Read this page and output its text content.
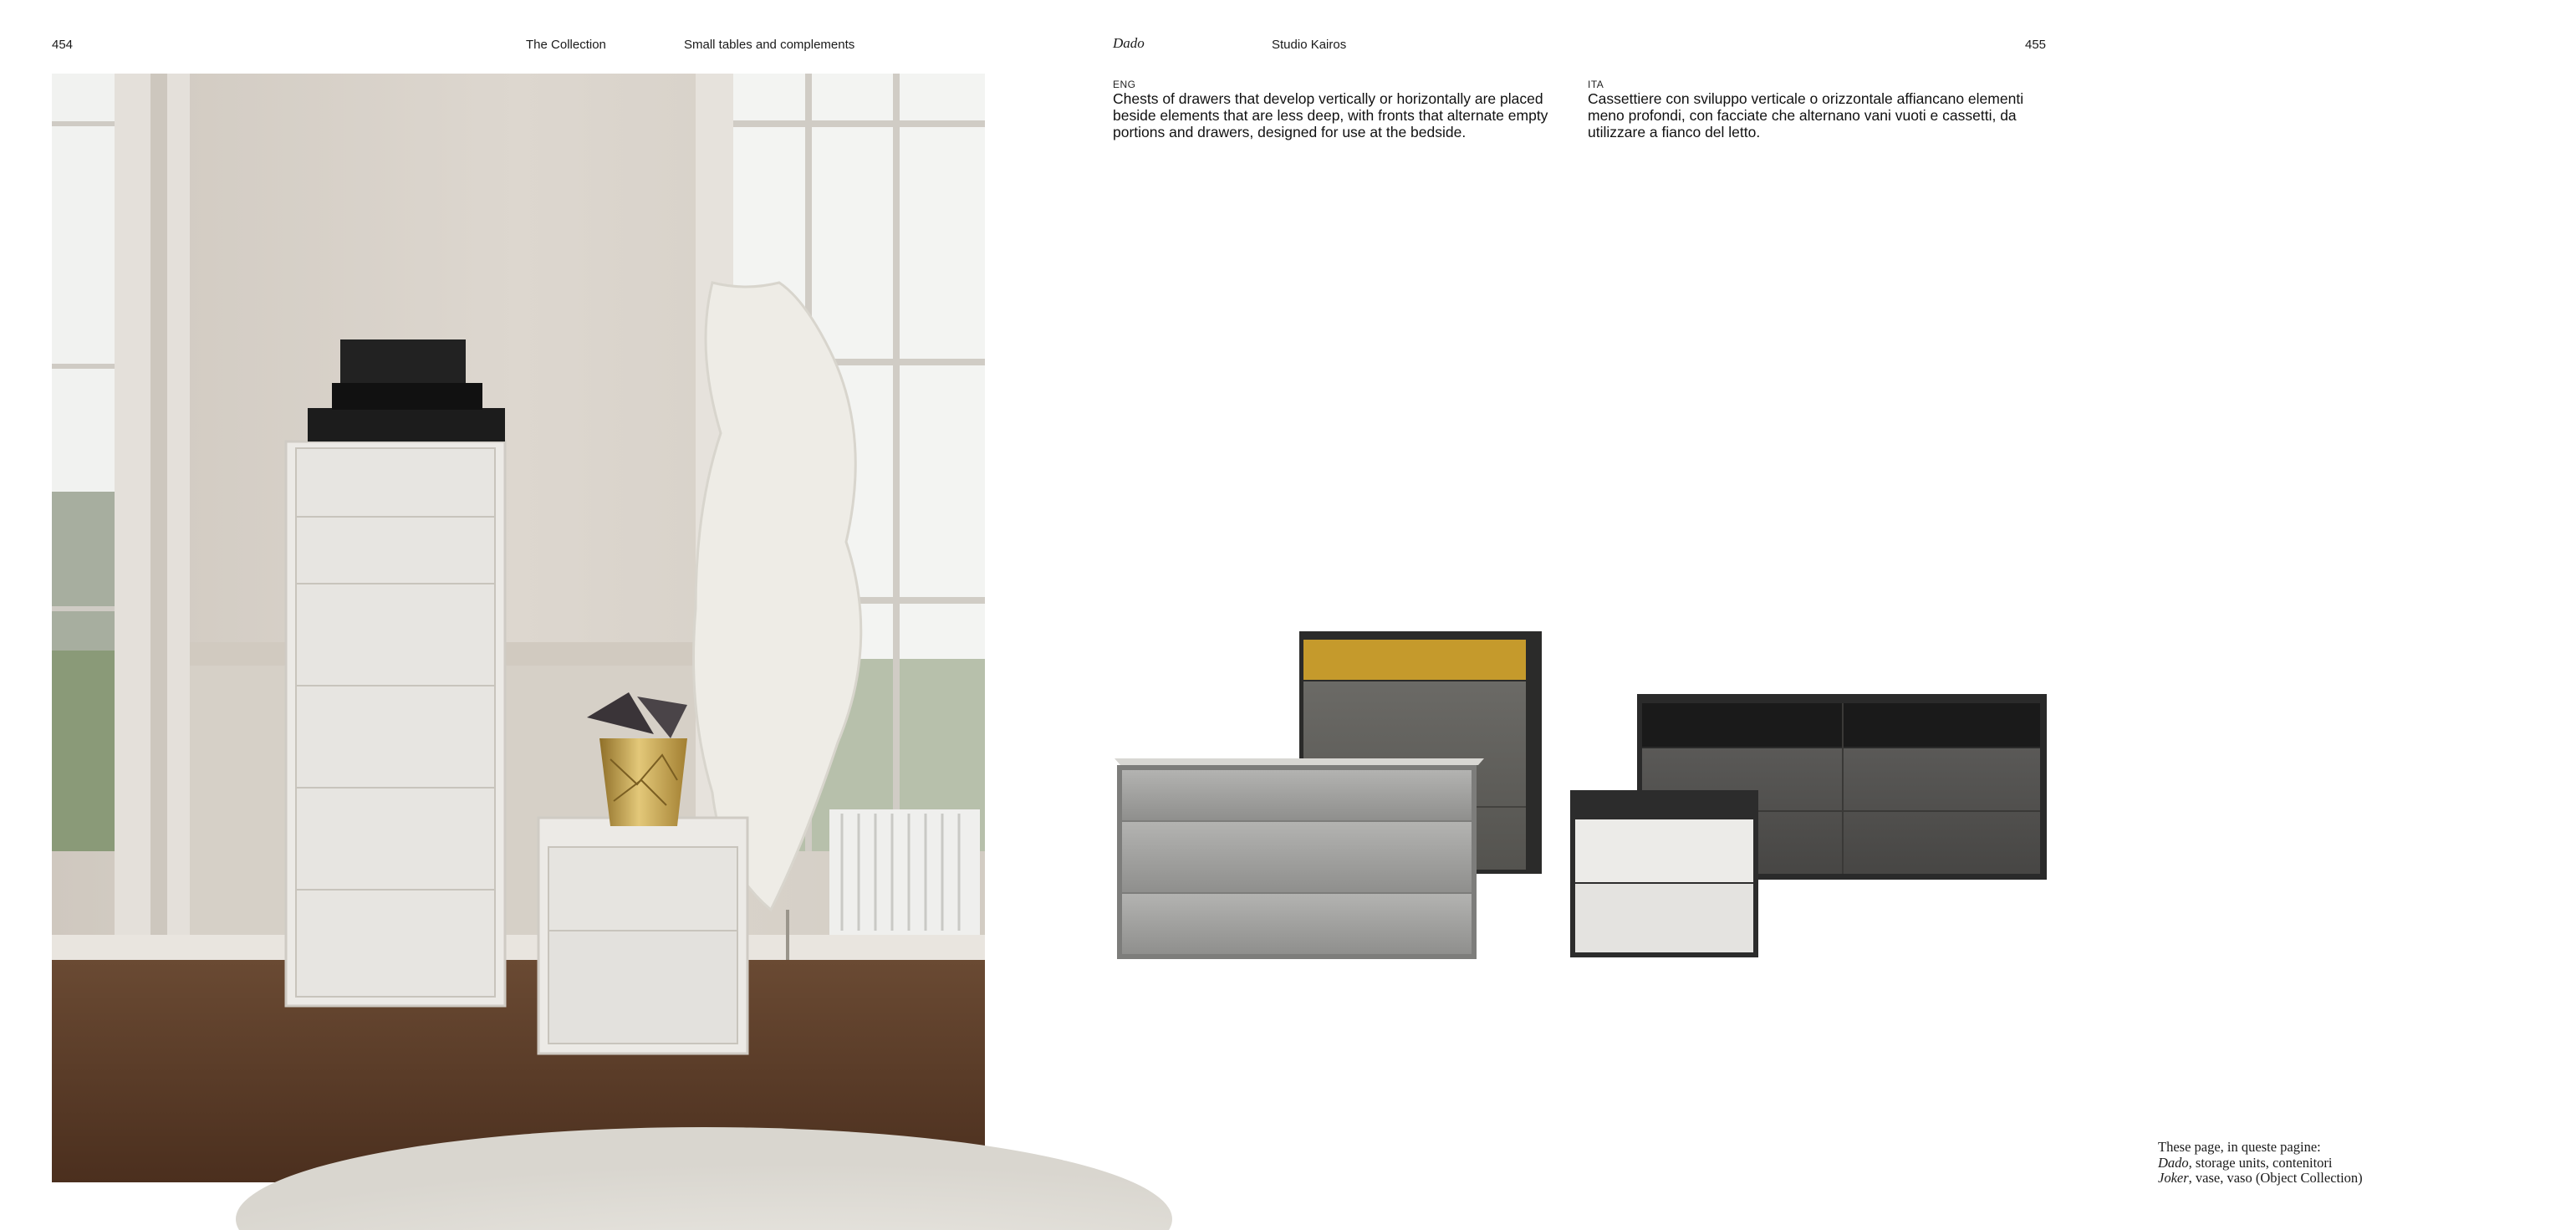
454	The Collection	Small tables and complements	Dado	Studio Kairos	455
ENG
Chests of drawers that develop vertically or horizontally are placed beside elements that are less deep, with fronts that alternate empty portions and drawers, designed for use at the bedside.
ITA
Cassettiere con sviluppo verticale o orizzontale affiancano elementi meno profondi, con facciate che alternano vani vuoti e cassetti, da utilizzare a fianco del letto.
These page, in queste pagine:
Dado, storage units, contenitori
Joker, vase, vaso (Object Collection)
